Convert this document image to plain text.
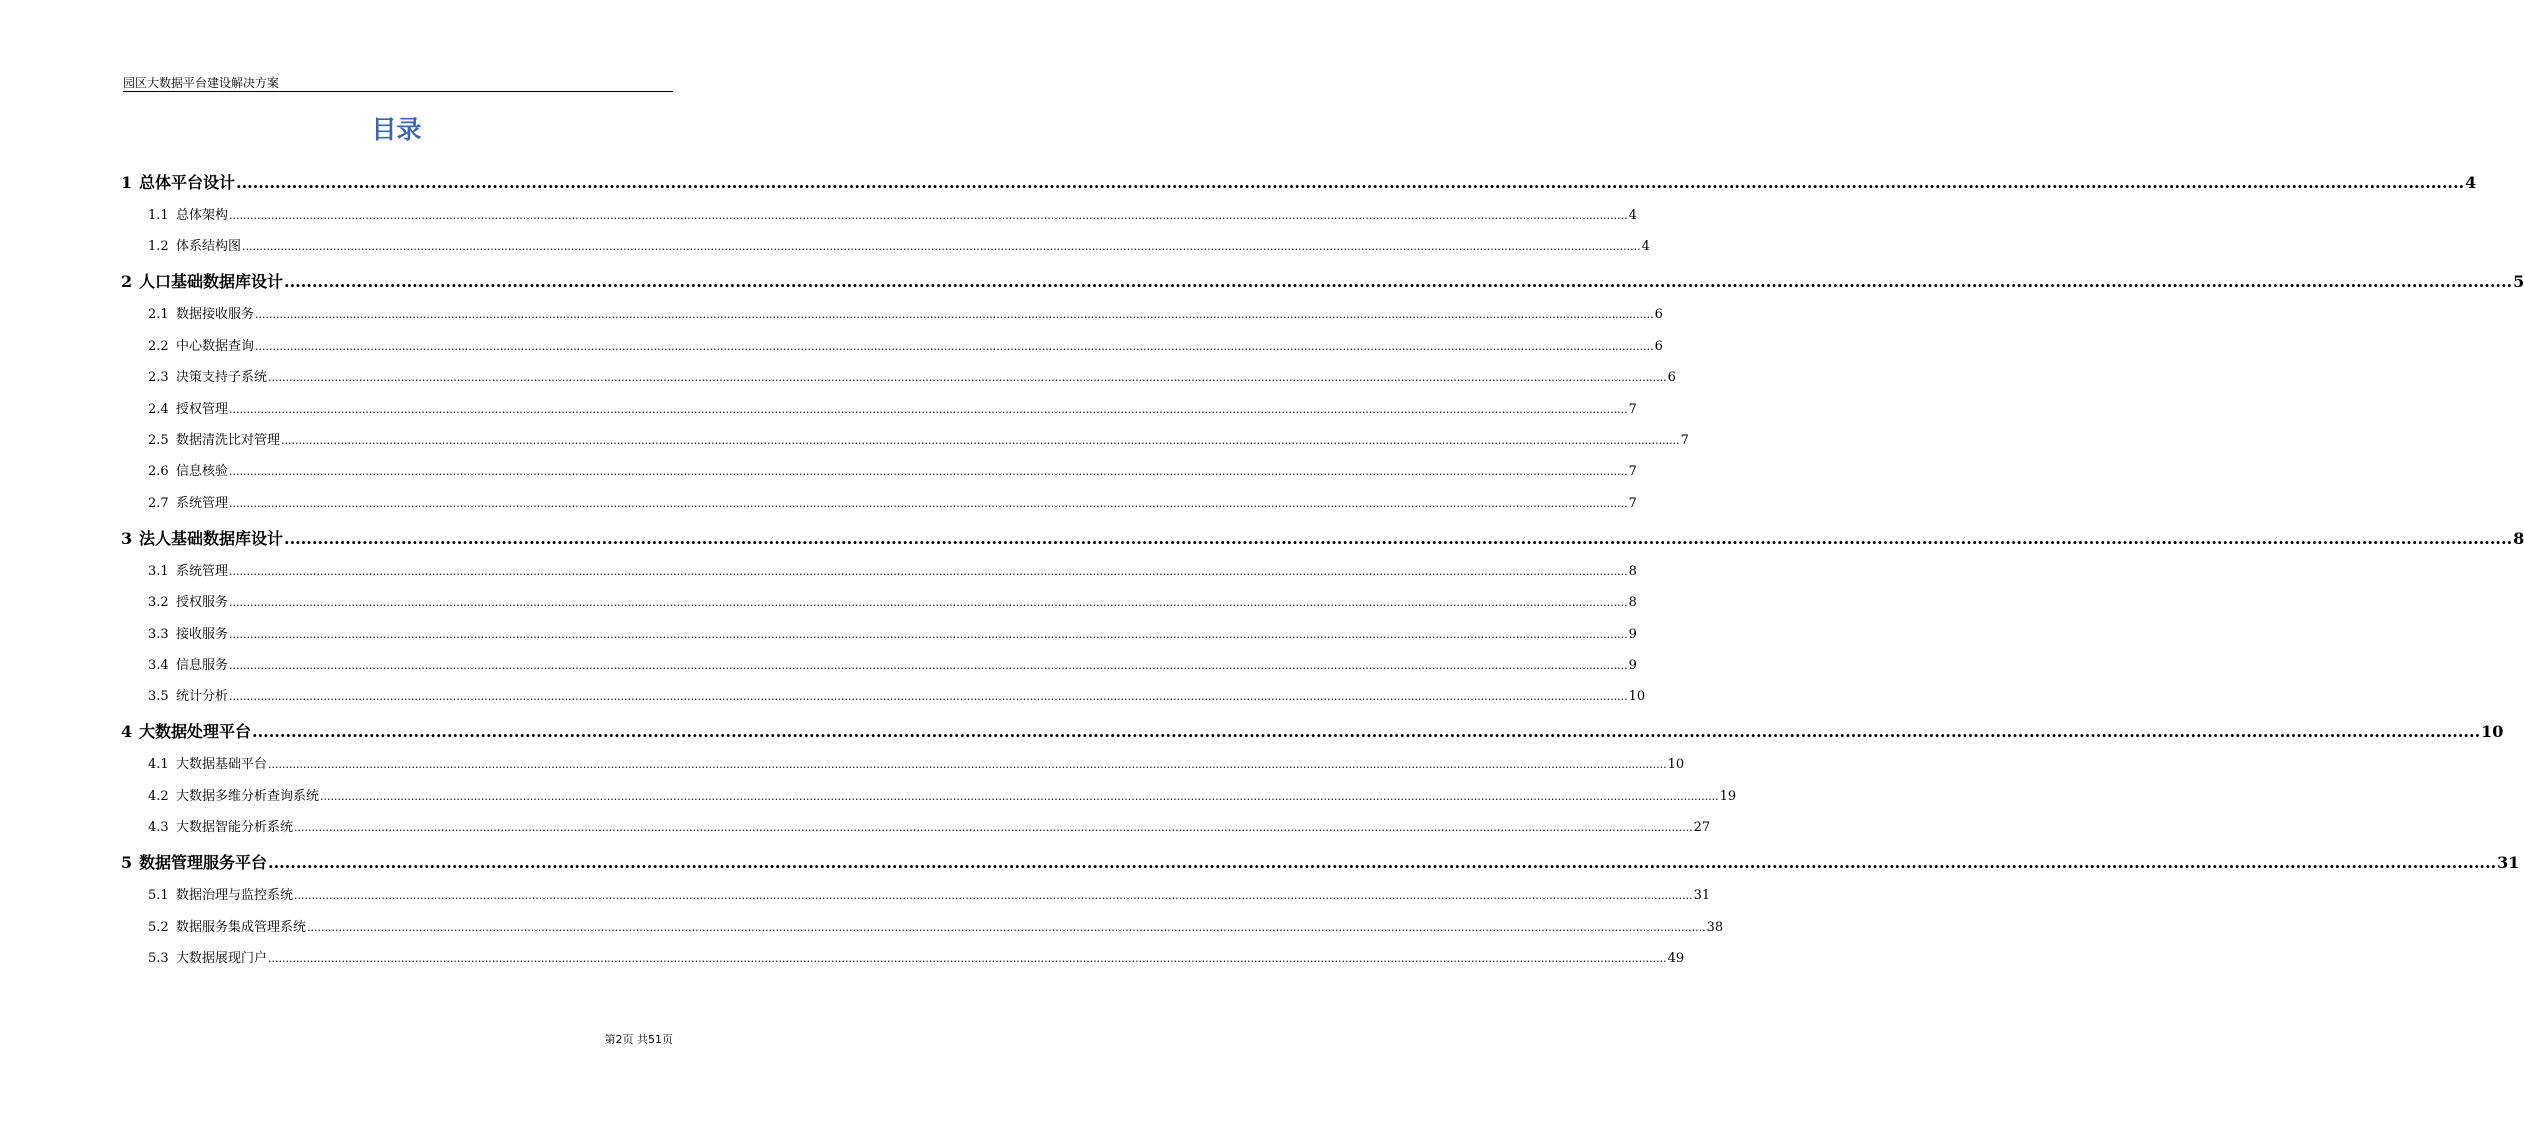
园区大数据平台建设解决方案
目录
1 总体平台设计 ................................................................................................................................................................................................................................................................................................................................................................................................................ 4
1.1 总体架构 ................................................................................................................................................................................................................................................................................................................................................................................................................ 4
1.2 体系结构图 ................................................................................................................................................................................................................................................................................................................................................................................................................ 4
2 人口基础数据库设计 ................................................................................................................................................................................................................................................................................................................................................................................................................ 5
2.1 数据接收服务 ................................................................................................................................................................................................................................................................................................................................................................................................................ 6
2.2 中心数据查询 ................................................................................................................................................................................................................................................................................................................................................................................................................ 6
2.3 决策支持子系统 ................................................................................................................................................................................................................................................................................................................................................................................................................ 6
2.4 授权管理 ................................................................................................................................................................................................................................................................................................................................................................................................................ 7
2.5 数据清洗比对管理 ................................................................................................................................................................................................................................................................................................................................................................................................................ 7
2.6 信息核验 ................................................................................................................................................................................................................................................................................................................................................................................................................ 7
2.7 系统管理 ................................................................................................................................................................................................................................................................................................................................................................................................................ 7
3 法人基础数据库设计 ................................................................................................................................................................................................................................................................................................................................................................................................................ 8
3.1 系统管理 ................................................................................................................................................................................................................................................................................................................................................................................................................ 8
3.2 授权服务 ................................................................................................................................................................................................................................................................................................................................................................................................................ 8
3.3 接收服务 ................................................................................................................................................................................................................................................................................................................................................................................................................ 9
3.4 信息服务 ................................................................................................................................................................................................................................................................................................................................................................................................................ 9
3.5 统计分析 ................................................................................................................................................................................................................................................................................................................................................................................................................ 10
4 大数据处理平台 ................................................................................................................................................................................................................................................................................................................................................................................................................ 10
4.1 大数据基础平台 ................................................................................................................................................................................................................................................................................................................................................................................................................ 10
4.2 大数据多维分析查询系统 ................................................................................................................................................................................................................................................................................................................................................................................................................ 19
4.3 大数据智能分析系统 ................................................................................................................................................................................................................................................................................................................................................................................................................ 27
5 数据管理服务平台 ................................................................................................................................................................................................................................................................................................................................................................................................................ 31
5.1 数据治理与监控系统 ................................................................................................................................................................................................................................................................................................................................................................................................................ 31
5.2 数据服务集成管理系统 ................................................................................................................................................................................................................................................................................................................................................................................................................ 38
5.3 大数据展现门户 ................................................................................................................................................................................................................................................................................................................................................................................................................ 49
第2页 共51页
